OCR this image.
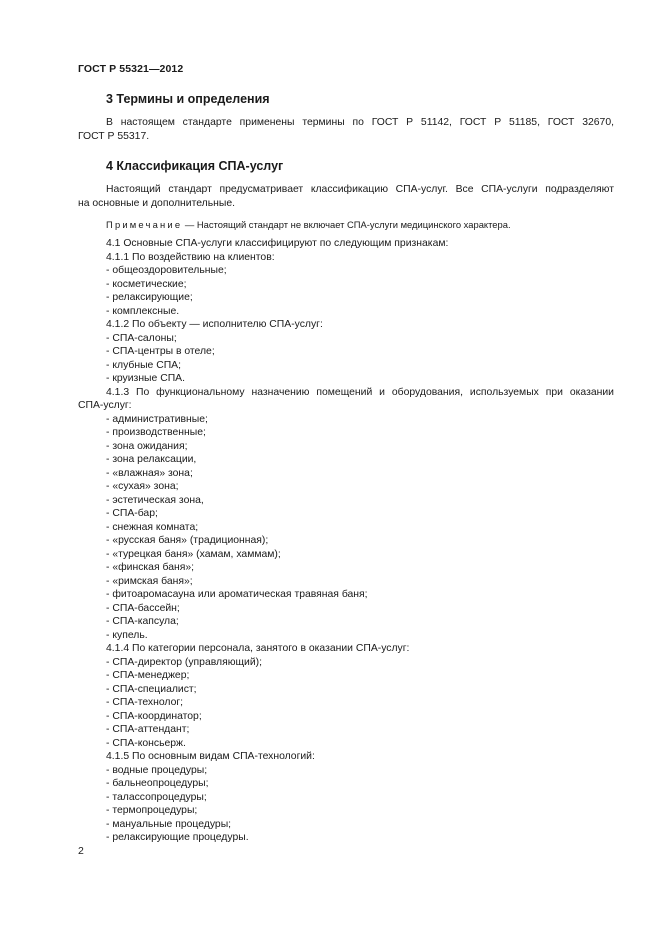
ГОСТ Р 55321—2012
3 Термины и определения
В настоящем стандарте применены термины по ГОСТ Р 51142, ГОСТ Р 51185, ГОСТ 32670,
ГОСТ Р 55317.
4 Классификация СПА-услуг
Настоящий стандарт предусматривает классификацию СПА-услуг. Все СПА-услуги подразделяют
на основные и дополнительные.
Примечание — Настоящий стандарт не включает СПА-услуги медицинского характера.
4.1 Основные СПА-услуги классифицируют по следующим признакам:
4.1.1 По воздействию на клиентов:
- общеоздоровительные;
- косметические;
- релаксирующие;
- комплексные.
4.1.2 По объекту — исполнителю СПА-услуг:
- СПА-салоны;
- СПА-центры в отеле;
- клубные СПА;
- круизные СПА.
4.1.3 По функциональному назначению помещений и оборудования, используемых при оказании
СПА-услуг:
- административные;
- производственные;
- зона ожидания;
- зона релаксации,
- «влажная» зона;
- «сухая» зона;
- эстетическая зона,
- СПА-бар;
- снежная комната;
- «русская баня» (традиционная);
- «турецкая баня» (хамам, хаммам);
- «финская баня»;
- «римская баня»;
- фитоаромасауна или ароматическая травяная баня;
- СПА-бассейн;
- СПА-капсула;
- купель.
4.1.4 По категории персонала, занятого в оказании СПА-услуг:
- СПА-директор (управляющий);
- СПА-менеджер;
- СПА-специалист;
- СПА-технолог;
- СПА-координатор;
- СПА-аттендант;
- СПА-консьерж.
4.1.5 По основным видам СПА-технологий:
- водные процедуры;
- бальнеопроцедуры;
- талассопроцедуры;
- термопроцедуры;
- мануальные процедуры;
- релаксирующие процедуры.
2
